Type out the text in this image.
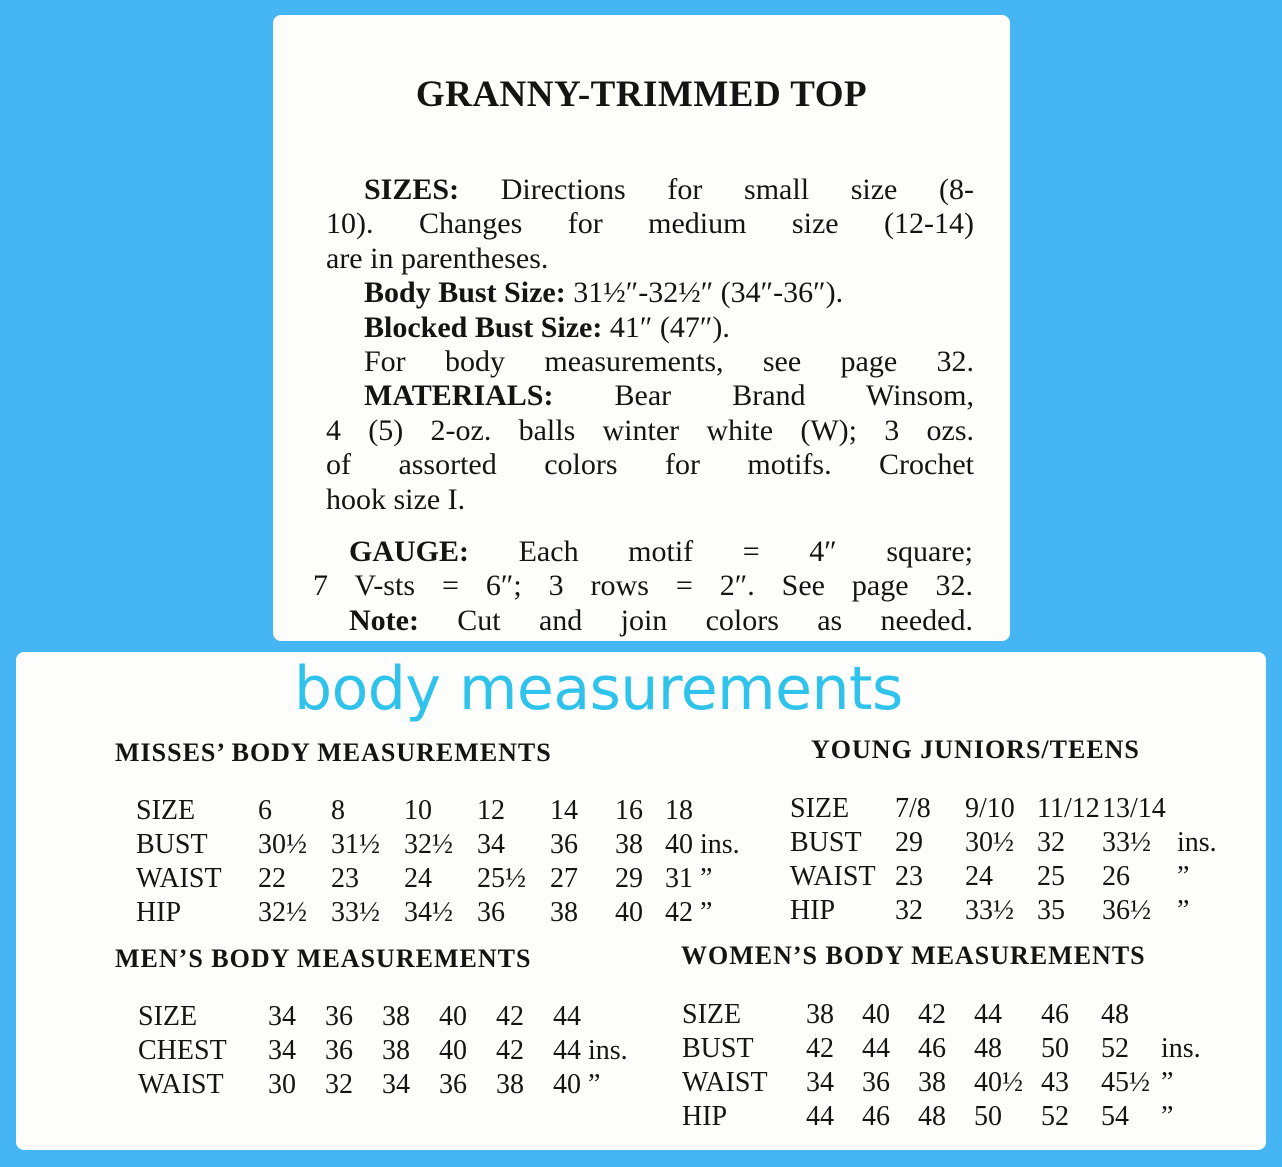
GRANNY-TRIMMED TOP
SIZES: Directions for small size (8-
10). Changes for medium size (12-14)
are in parentheses.
Body Bust Size: 31½″-32½″ (34″-36″).
Blocked Bust Size: 41″ (47″).
For body measurements, see page 32.
MATERIALS: Bear Brand Winsom,
4 (5) 2-oz. balls winter white (W); 3 ozs.
of assorted colors for motifs. Crochet
hook size I.
GAUGE: Each motif = 4″ square;
7 V-sts = 6″; 3 rows = 2″. See page 32.
Note: Cut and join colors as needed.
body measurements
MISSES’ BODY MEASUREMENTS
SIZE	6	8	10	12	14	16	18
BUST	30½	31½	32½	34	36	38	40 ins.
WAIST	22	23	24	25½	27	29	31 ”
HIP	32½	33½	34½	36	38	40	42 ”
YOUNG JUNIORS/TEENS
SIZE	7/8	9/10	11/12	13/14	
BUST	29	30½	32	33½	ins.
WAIST	23	24	25	26	”
HIP	32	33½	35	36½	”
MEN’S BODY MEASUREMENTS
SIZE	34	36	38	40	42	44
CHEST	34	36	38	40	42	44 ins.
WAIST	30	32	34	36	38	40 ”
WOMEN’S BODY MEASUREMENTS
SIZE	38	40	42	44	46	48	
BUST	42	44	46	48	50	52	ins.
WAIST	34	36	38	40½	43	45½	”
HIP	44	46	48	50	52	54	”
